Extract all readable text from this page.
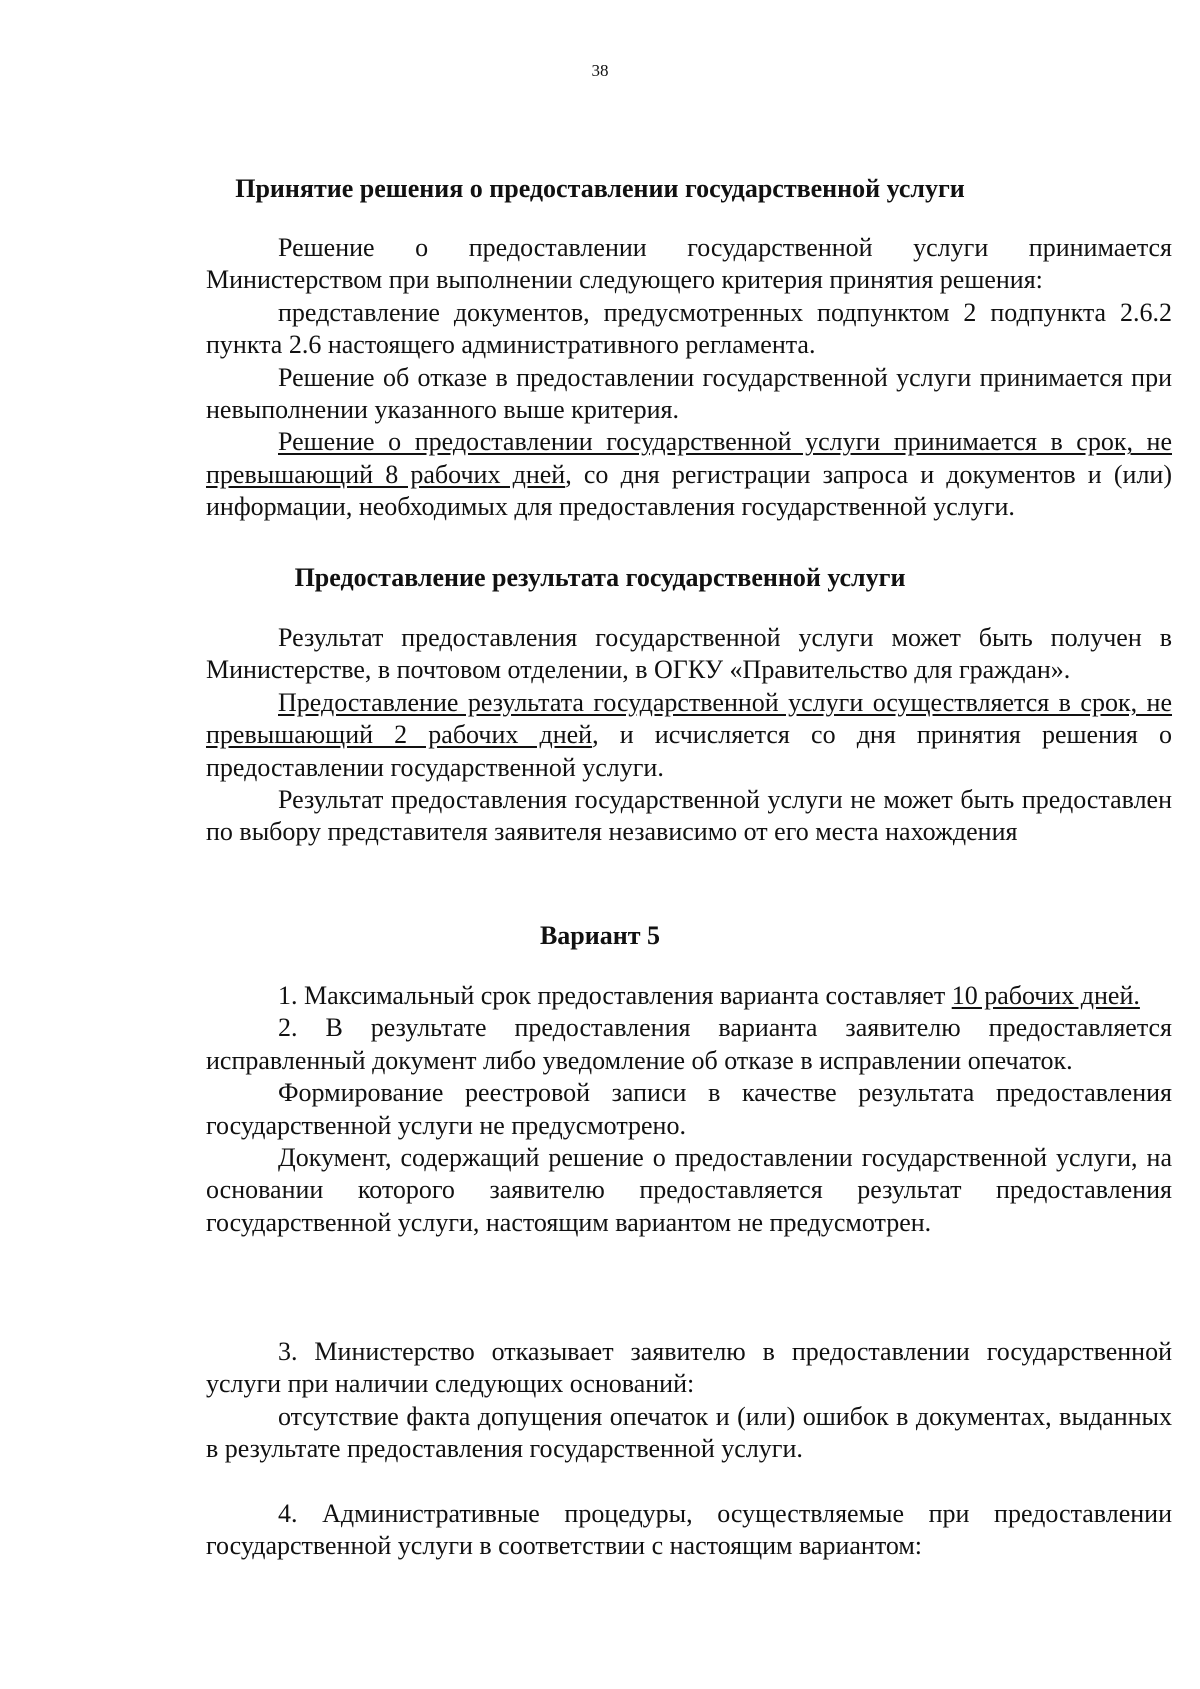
38
Принятие решения о предоставлении государственной услуги

Решение о предоставлении государственной услуги принимается Министерством при выполнении следующего критерия принятия решения:

представление документов, предусмотренных подпунктом 2 подпункта 2.6.2 пункта 2.6 настоящего административного регламента.

Решение об отказе в предоставлении государственной услуги принимается при невыполнении указанного выше критерия.

Решение о предоставлении государственной услуги принимается в срок, не превышающий 8 рабочих дней, со дня регистрации запроса и документов и (или) информации, необходимых для предоставления государственной услуги.

Предоставление результата государственной услуги

Результат предоставления государственной услуги может быть получен в Министерстве, в почтовом отделении, в ОГКУ «Правительство для граждан».

Предоставление результата государственной услуги осуществляется в срок, не превышающий 2 рабочих дней, и исчисляется со дня принятия решения о предоставлении государственной услуги.

Результат предоставления государственной услуги не может быть предоставлен по выбору представителя заявителя независимо от его места нахождения

Вариант 5

1. Максимальный срок предоставления варианта составляет 10 рабочих дней.

2. В результате предоставления варианта заявителю предоставляется исправленный документ либо уведомление об отказе в исправлении опечаток.

Формирование реестровой записи в качестве результата предоставления государственной услуги не предусмотрено.

Документ, содержащий решение о предоставлении государственной услуги, на основании которого заявителю предоставляется результат предоставления государственной услуги, настоящим вариантом не предусмотрен.

3. Министерство отказывает заявителю в предоставлении государственной услуги при наличии следующих оснований:

отсутствие факта допущения опечаток и (или) ошибок в документах, выданных в результате предоставления государственной услуги.

4. Административные процедуры, осуществляемые при предоставлении государственной услуги в соответствии с настоящим вариантом:
